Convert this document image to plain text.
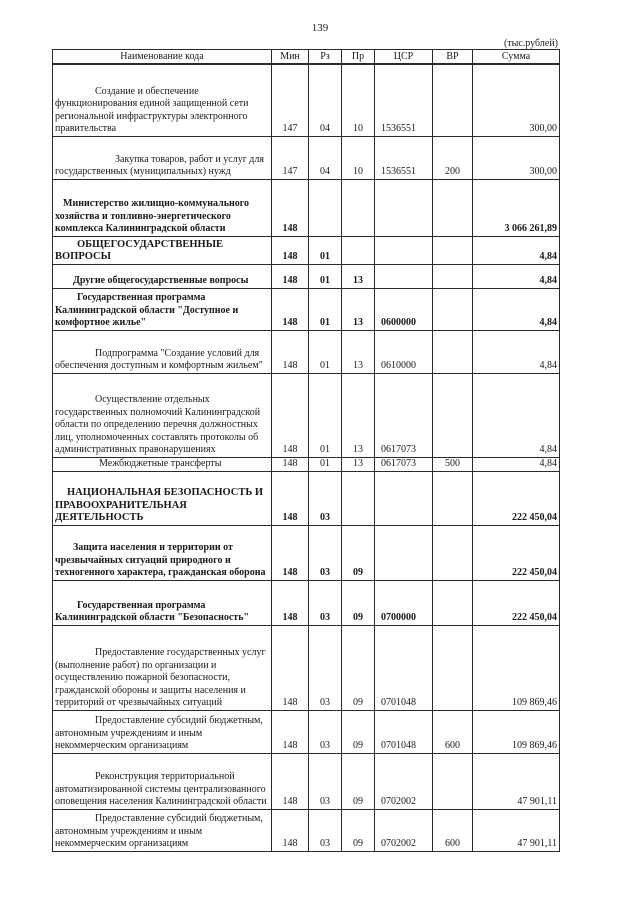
139
(тыс.рублей)
Наименование кода	Мин	Рз	Пр	ЦСР	ВР	Сумма
Создание и обеспечение функционирования единой защищенной сети региональной инфраструктуры электронного правительства	147	04	10	1536551		300,00
Закупка товаров, работ и услуг для государственных (муниципальных) нужд	147	04	10	1536551	200	300,00
Министерство жилищно-коммунального хозяйства и топливно-энергетического комплекса Калининградской области	148					3 066 261,89
ОБЩЕГОСУДАРСТВЕННЫЕ ВОПРОСЫ	148	01				4,84
Другие общегосударственные вопросы	148	01	13			4,84
Государственная программа Калининградской области "Доступное и комфортное жилье"	148	01	13	0600000		4,84
Подпрограмма "Создание условий для обеспечения доступным и комфортным жильем"	148	01	13	0610000		4,84
Осуществление отдельных государственных полномочий Калининградской области по определению перечня должностных лиц, уполномоченных составлять протоколы об административных правонарушениях	148	01	13	0617073		4,84
Межбюджетные трансферты	148	01	13	0617073	500	4,84
НАЦИОНАЛЬНАЯ БЕЗОПАСНОСТЬ И ПРАВООХРАНИТЕЛЬНАЯ ДЕЯТЕЛЬНОСТЬ	148	03				222 450,04
Защита населения и территории от чрезвычайных ситуаций природного и техногенного характера, гражданская оборона	148	03	09			222 450,04
Государственная программа Калининградской области "Безопасность"	148	03	09	0700000		222 450,04
Предоставление государственных услуг (выполнение работ) по организации и осуществлению пожарной безопасности, гражданской обороны и защиты населения и территорий от чрезвычайных ситуаций	148	03	09	0701048		109 869,46
Предоставление субсидий бюджетным, автономным учреждениям и иным некоммерческим организациям	148	03	09	0701048	600	109 869,46
Реконструкция территориальной автоматизированной системы централизованного оповещения населения Калининградской области	148	03	09	0702002		47 901,11
Предоставление субсидий бюджетным, автономным учреждениям и иным некоммерческим организациям	148	03	09	0702002	600	47 901,11
